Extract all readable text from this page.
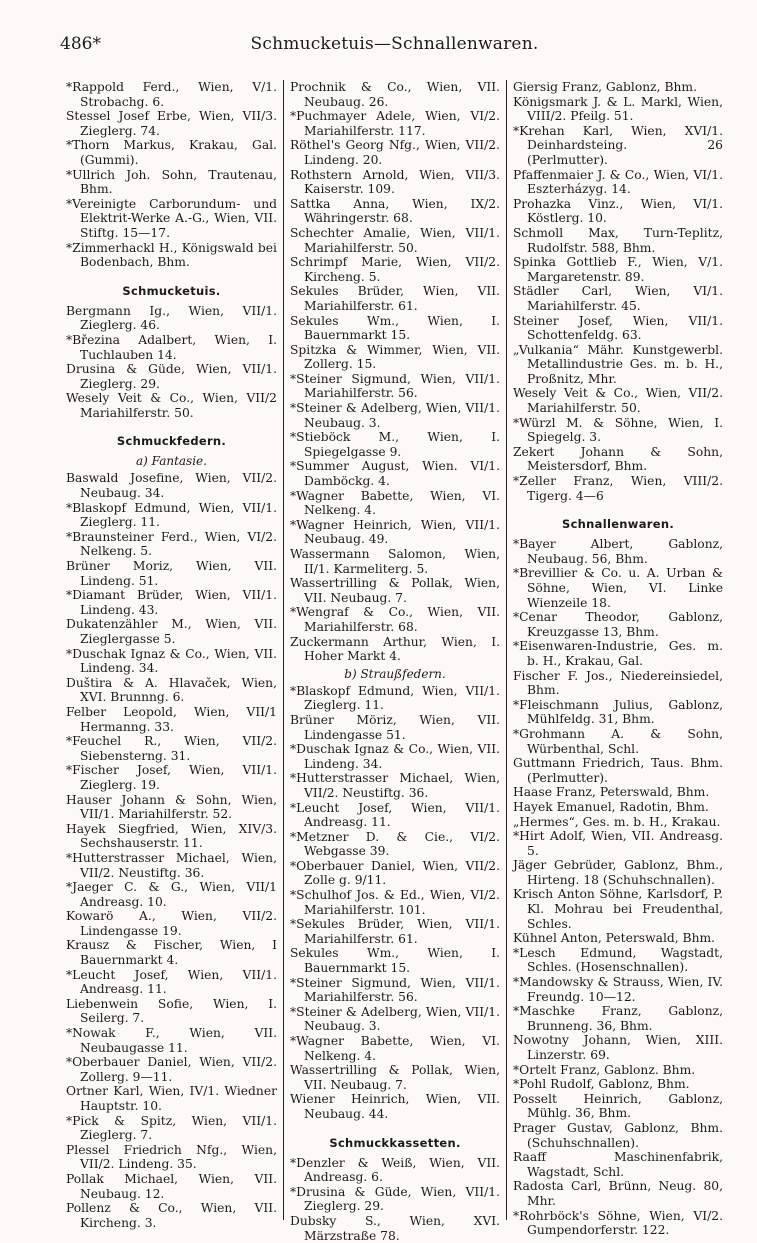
486*	Schmucketuis—Schnallenwaren.
*Rappold Ferd., Wien, V/1. Strobachg. 6.
Stessel Josef Erbe, Wien, VII/3. Zieglerg. 74.
*Thorn Markus, Krakau, Gal. (Gummi).
*Ullrich Joh. Sohn, Trautenau, Bhm.
*Vereinigte Carborundum- und Elektrit-Werke A.-G., Wien, VII. Stiftg. 15—17.
*Zimmerhackl H., Königswald bei Bodenbach, Bhm.
Schmucketuis.
Bergmann Ig., Wien, VII/1. Zieglerg. 46.
*Březina Adalbert, Wien, I. Tuchlauben 14.
Drusina & Güde, Wien, VII/1. Zieglerg. 29.
Wesely Veit & Co., Wien, VII/2 Mariahilferstr. 50.
Schmuckfedern.
a) Fantasie.
Baswald Josefine, Wien, VII/2. Neubaug. 34.
*Blaskopf Edmund, Wien, VII/1. Zieglerg. 11.
*Braunsteiner Ferd., Wien, VI/2. Nelkeng. 5.
Brüner Moriz, Wien, VII. Lindeng. 51.
*Diamant Brüder, Wien, VII/1. Lindeng. 43.
Dukatenzähler M., Wien, VII. Zieglergasse 5.
*Duschak Ignaz & Co., Wien, VII. Lindeng. 34.
Duštira & A. Hlavaček, Wien, XVI. Brunnng. 6.
Felber Leopold, Wien, VII/1 Hermanng. 33.
*Feuchel R., Wien, VII/2. Siebensterng. 31.
*Fischer Josef, Wien, VII/1. Zieglerg. 19.
Hauser Johann & Sohn, Wien, VII/1. Mariahilferstr. 52.
Hayek Siegfried, Wien, XIV/3. Sechshauserstr. 11.
*Hutterstrasser Michael, Wien, VII/2. Neustiftg. 36.
*Jaeger C. & G., Wien, VII/1 Andreasg. 10.
Kowarö A., Wien, VII/2. Lindengasse 19.
Krausz & Fischer, Wien, I Bauernmarkt 4.
*Leucht Josef, Wien, VII/1. Andreasg. 11.
Liebenwein Sofie, Wien, I. Seilerg. 7.
*Nowak F., Wien, VII. Neubaugasse 11.
*Oberbauer Daniel, Wien, VII/2. Zollerg. 9—11.
Ortner Karl, Wien, IV/1. Wiedner Hauptstr. 10.
*Pick & Spitz, Wien, VII/1. Zieglerg. 7.
Plessel Friedrich Nfg., Wien, VII/2. Lindeng. 35.
Pollak Michael, Wien, VII. Neubaug. 12.
Pollenz & Co., Wien, VII. Kircheng. 3.
Prochnik & Co., Wien, VII. Neubaug. 26.
*Puchmayer Adele, Wien, VI/2. Mariahilferstr. 117.
Röthel's Georg Nfg., Wien, VII/2. Lindeng. 20.
Rothstern Arnold, Wien, VII/3. Kaiserstr. 109.
Sattka Anna, Wien, IX/2. Währingerstr. 68.
Schechter Amalie, Wien, VII/1. Mariahilferstr. 50.
Schrimpf Marie, Wien, VII/2. Kircheng. 5.
Sekules Brüder, Wien, VII. Mariahilferstr. 61.
Sekules Wm., Wien, I. Bauernmarkt 15.
Spitzka & Wimmer, Wien, VII. Zollerg. 15.
*Steiner Sigmund, Wien, VII/1. Mariahilferstr. 56.
*Steiner & Adelberg, Wien, VII/1. Neubaug. 3.
*Stieböck M., Wien, I. Spiegelgasse 9.
*Summer August, Wien. VI/1. Damböckg. 4.
*Wagner Babette, Wien, VI. Nelkeng. 4.
*Wagner Heinrich, Wien, VII/1. Neubaug. 49.
Wassermann Salomon, Wien, II/1. Karmeliterg. 5.
Wassertrilling & Pollak, Wien, VII. Neubaug. 7.
*Wengraf & Co., Wien, VII. Mariahilferstr. 68.
Zuckermann Arthur, Wien, I. Hoher Markt 4.
b) Straußfedern.
*Blaskopf Edmund, Wien, VII/1. Zieglerg. 11.
Brüner Möriz, Wien, VII. Lindengasse 51.
*Duschak Ignaz & Co., Wien, VII. Lindeng. 34.
*Hutterstrasser Michael, Wien, VII/2. Neustiftg. 36.
*Leucht Josef, Wien, VII/1. Andreasg. 11.
*Metzner D. & Cie., VI/2. Webgasse 39.
*Oberbauer Daniel, Wien, VII/2. Zolle g. 9/11.
*Schulhof Jos. & Ed., Wien, VI/2. Mariahilferstr. 101.
*Sekules Brüder, Wien, VII/1. Mariahilferstr. 61.
Sekules Wm., Wien, I. Bauernmarkt 15.
*Steiner Sigmund, Wien, VII/1. Mariahilferstr. 56.
*Steiner & Adelberg, Wien, VII/1. Neubaug. 3.
*Wagner Babette, Wien, VI. Nelkeng. 4.
Wassertrilling & Pollak, Wien, VII. Neubaug. 7.
Wiener Heinrich, Wien, VII. Neubaug. 44.
Schmuckkassetten.
*Denzler & Weiß, Wien, VII. Andreasg. 6.
*Drusina & Güde, Wien, VII/1. Zieglerg. 29.
Dubsky S., Wien, XVI. Märzstraße 78.
Giersig Franz, Gablonz, Bhm.
Königsmark J. & L. Markl, Wien, VIII/2. Pfeilg. 51.
*Krehan Karl, Wien, XVI/1. Deinhardsteing. 26 (Perlmutter).
Pfaffenmaier J. & Co., Wien, VI/1. Eszterházyg. 14.
Prohazka Vinz., Wien, VI/1. Köstlerg. 10.
Schmoll Max, Turn-Teplitz, Rudolfstr. 588, Bhm.
Spinka Gottlieb F., Wien, V/1. Margaretenstr. 89.
Städler Carl, Wien, VI/1. Mariahilferstr. 45.
Steiner Josef, Wien, VII/1. Schottenfeldg. 63.
„Vulkania“ Mähr. Kunstgewerbl. Metallindustrie Ges. m. b. H., Proßnitz, Mhr.
Wesely Veit & Co., Wien, VII/2. Mariahilferstr. 50.
*Würzl M. & Söhne, Wien, I. Spiegelg. 3.
Zekert Johann & Sohn, Meistersdorf, Bhm.
*Zeller Franz, Wien, VIII/2. Tigerg. 4—6
Schnallenwaren.
*Bayer Albert, Gablonz, Neubaug. 56, Bhm.
*Brevillier & Co. u. A. Urban & Söhne, Wien, VI. Linke Wienzeile 18.
*Cenar Theodor, Gablonz, Kreuzgasse 13, Bhm.
*Eisenwaren-Industrie, Ges. m. b. H., Krakau, Gal.
Fischer F. Jos., Niedereinsiedel, Bhm.
*Fleischmann Julius, Gablonz, Mühlfeldg. 31, Bhm.
*Grohmann A. & Sohn, Würbenthal, Schl.
Guttmann Friedrich, Taus. Bhm. (Perlmutter).
Haase Franz, Peterswald, Bhm.
Hayek Emanuel, Radotin, Bhm.
„Hermes“, Ges. m. b. H., Krakau.
*Hirt Adolf, Wien, VII. Andreasg. 5.
Jäger Gebrüder, Gablonz, Bhm., Hirteng. 18 (Schuhschnallen).
Krisch Anton Söhne, Karlsdorf, P. Kl. Mohrau bei Freudenthal, Schles.
Kühnel Anton, Peterswald, Bhm.
*Lesch Edmund, Wagstadt, Schles. (Hosenschnallen).
*Mandowsky & Strauss, Wien, IV. Freundg. 10—12.
*Maschke Franz, Gablonz, Brunneng. 36, Bhm.
Nowotny Johann, Wien, XIII. Linzerstr. 69.
*Ortelt Franz, Gablonz. Bhm.
*Pohl Rudolf, Gablonz, Bhm.
Posselt Heinrich, Gablonz, Mühlg. 36, Bhm.
Prager Gustav, Gablonz, Bhm. (Schuhschnallen).
Raaff Maschinenfabrik, Wagstadt, Schl.
Radosta Carl, Brünn, Neug. 80, Mhr.
*Rohrböck's Söhne, Wien, VI/2. Gumpendorferstr. 122.
